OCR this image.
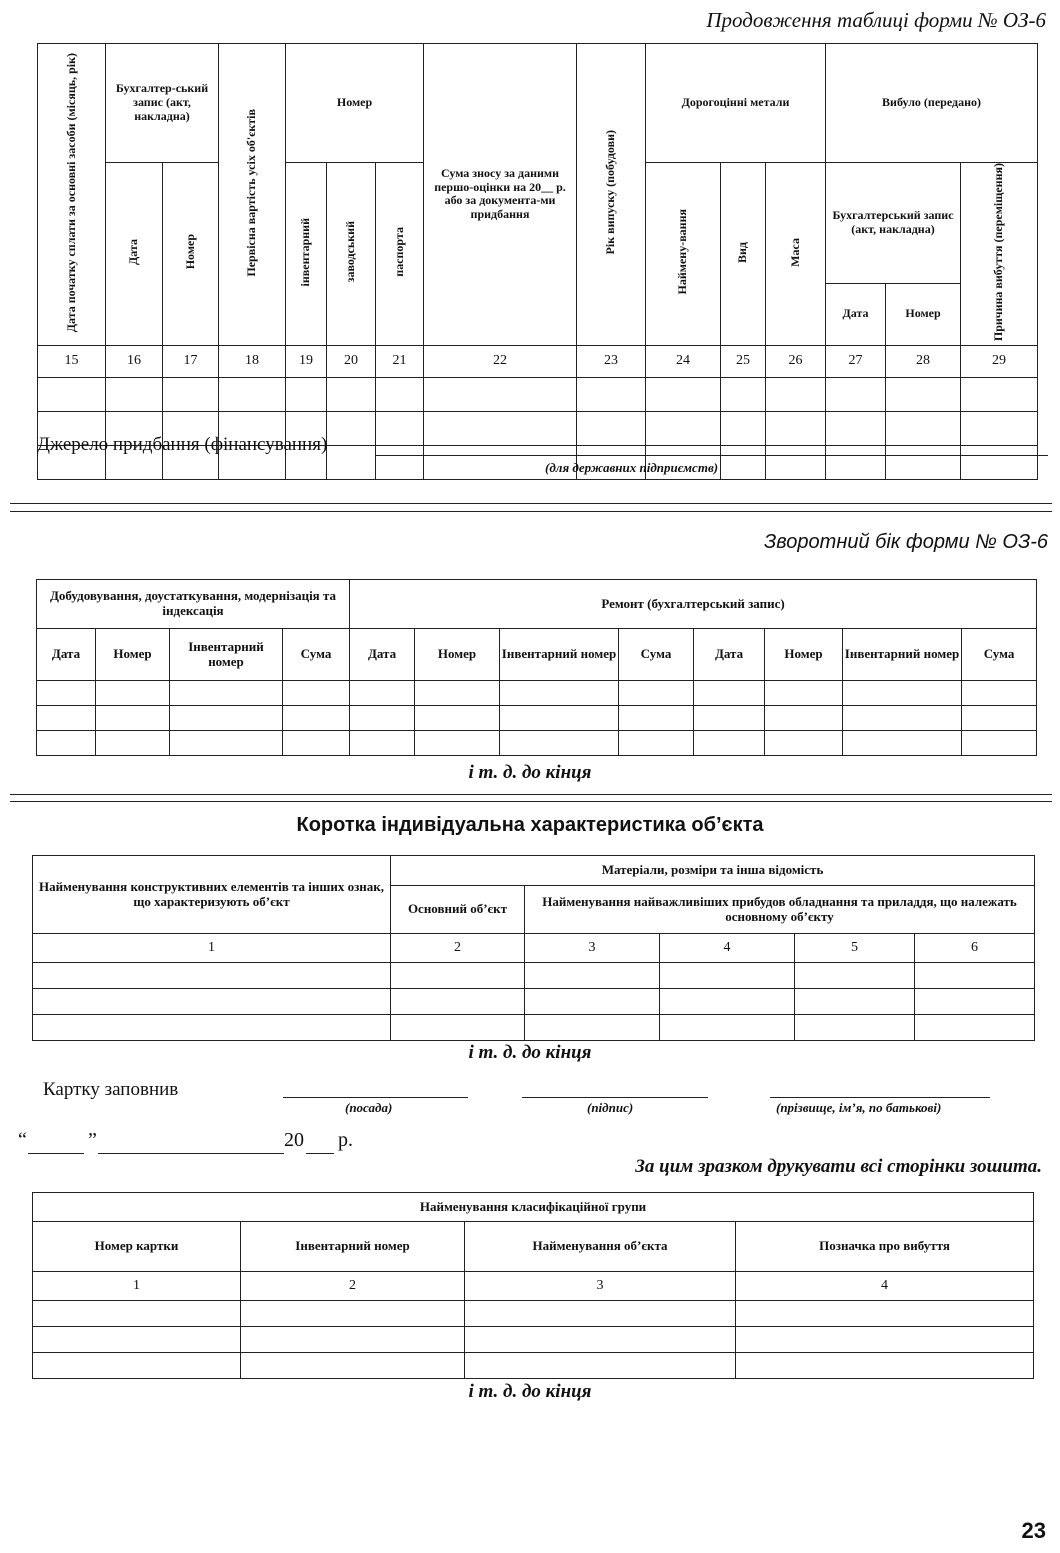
Продовження таблиці форми № ОЗ-6
Дата початку сплати за основні засоби (місяць, рік)	Бухгалтер-ський запис (акт, накладна)		Первісна вартість усіх об'єктів	Номер			Сума зносу за даними першо-оцінки на 20__ р. або за документа-ми придбання	Рік випуску (побудови)	Дорогоцінні метали			Вибуло (передано)		
	Дата	Номер		інвентарний	заводський	паспорта			Наймену-вання	Вид	Маса	Бухгалтерський запис (акт, накладна)		Причина вибуття (переміщення)
												Дата	Номер	
15	16	17	18	19	20	21	22	23	24	25	26	27	28	29

Джерело придбання (фінансування)
(для державних підприємств)
Зворотний бік форми № ОЗ-6
Добудовування, доустаткування, модернізація та індексація				Ремонт (бухгалтерський запис)							
Дата	Номер	Інвентарний номер	Сума	Дата	Номер	Інвентарний номер	Сума	Дата	Номер	Інвентарний номер	Сума

і т. д. до кінця
Коротка індивідуальна характеристика об’єкта
Найменування конструктивних елементів та інших ознак, що характеризують об’єкт	Матеріали, розміри та інша відомість				
	Основний об’єкт	Найменування найважливіших прибудов обладнання та приладдя, що належать основному об’єкту			
1	2	3	4	5	6

і т. д. до кінця
Картку заповнив
(посада)	(підпис)	(прізвище, ім’я, по батькові)
“	”	20 р.
За цим зразком друкувати всі сторінки зошита.
Найменування класифікаційної групи			
Номер картки	Інвентарний номер	Найменування об’єкта	Позначка про вибуття
1	2	3	4

і т. д. до кінця
23
